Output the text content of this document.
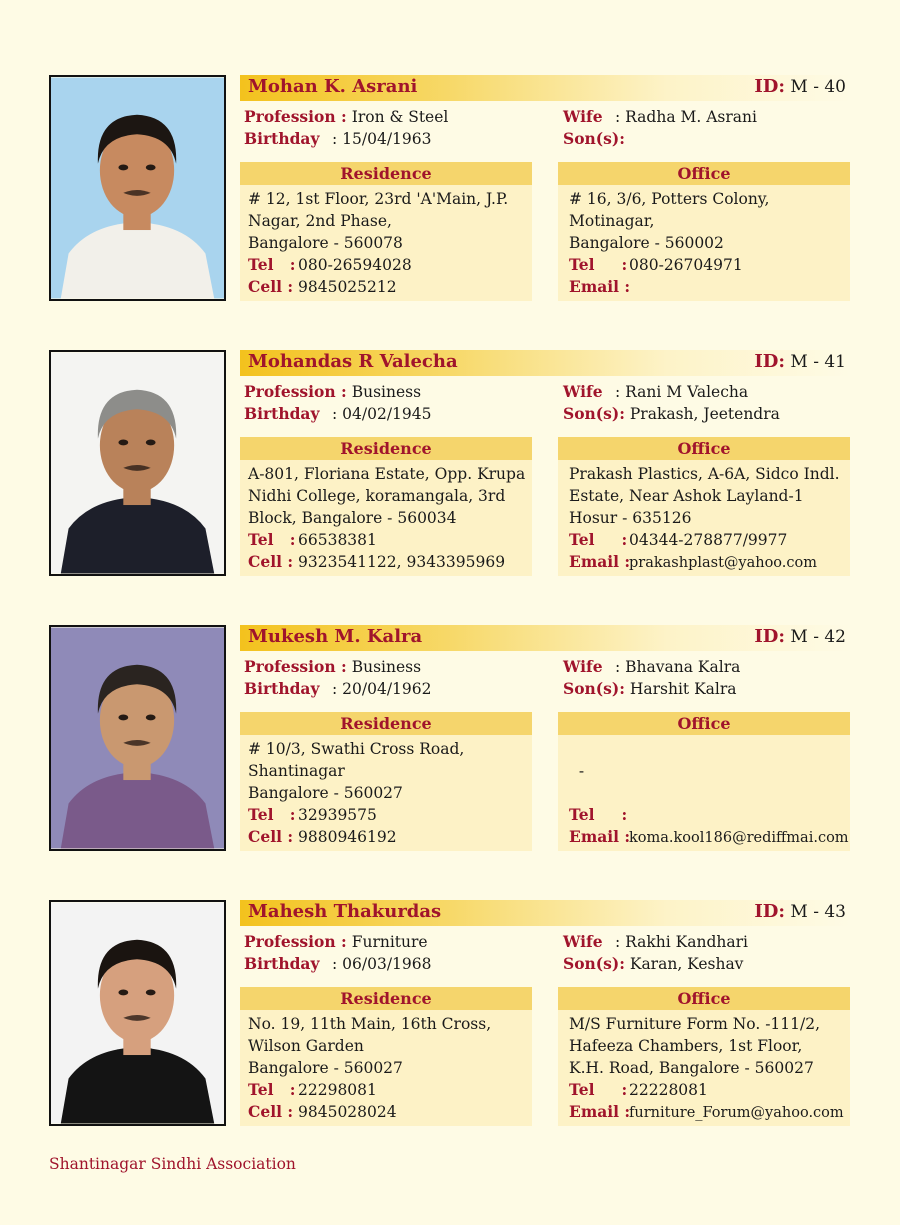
Mohan K. Asrani	ID: M - 40
Profession : Iron & Steel
Birthday : 15/04/1963
Wife : Radha M. Asrani
Son(s):
Residence
# 12, 1st Floor, 23rd 'A'Main, J.P.
Nagar, 2nd Phase,
Bangalore - 560078
Tel   : 080-26594028
Cell : 9845025212
Office
# 16, 3/6, Potters Colony,
Motinagar,
Bangalore - 560002
Tel     : 080-26704971
Email :
Mohandas R Valecha	ID: M - 41
Profession : Business
Birthday : 04/02/1945
Wife : Rani M Valecha
Son(s): Prakash, Jeetendra
Residence
A-801, Floriana Estate, Opp. Krupa
Nidhi College, koramangala, 3rd
Block, Bangalore - 560034
Tel   : 66538381
Cell : 9323541122, 9343395969
Office
Prakash Plastics, A-6A, Sidco Indl.
Estate, Near Ashok Layland-1
Hosur - 635126
Tel     : 04344-278877/9977
Email :prakashplast@yahoo.com
Mukesh M. Kalra	ID: M - 42
Profession : Business
Birthday : 20/04/1962
Wife : Bhavana Kalra
Son(s): Harshit Kalra
Residence
# 10/3, Swathi Cross Road,
Shantinagar
Bangalore - 560027
Tel   : 32939575
Cell : 9880946192
Office
-
Tel     :
Email :koma.kool186@rediffmai.com
Mahesh Thakurdas	ID: M - 43
Profession : Furniture
Birthday : 06/03/1968
Wife : Rakhi Kandhari
Son(s): Karan, Keshav
Residence
No. 19, 11th Main, 16th Cross,
Wilson Garden
Bangalore - 560027
Tel   : 22298081
Cell : 9845028024
Office
M/S Furniture Form No. -111/2,
Hafeeza Chambers, 1st Floor,
K.H. Road, Bangalore - 560027
Tel     : 22228081
Email :furniture_Forum@yahoo.com
Shantinagar Sindhi Association
